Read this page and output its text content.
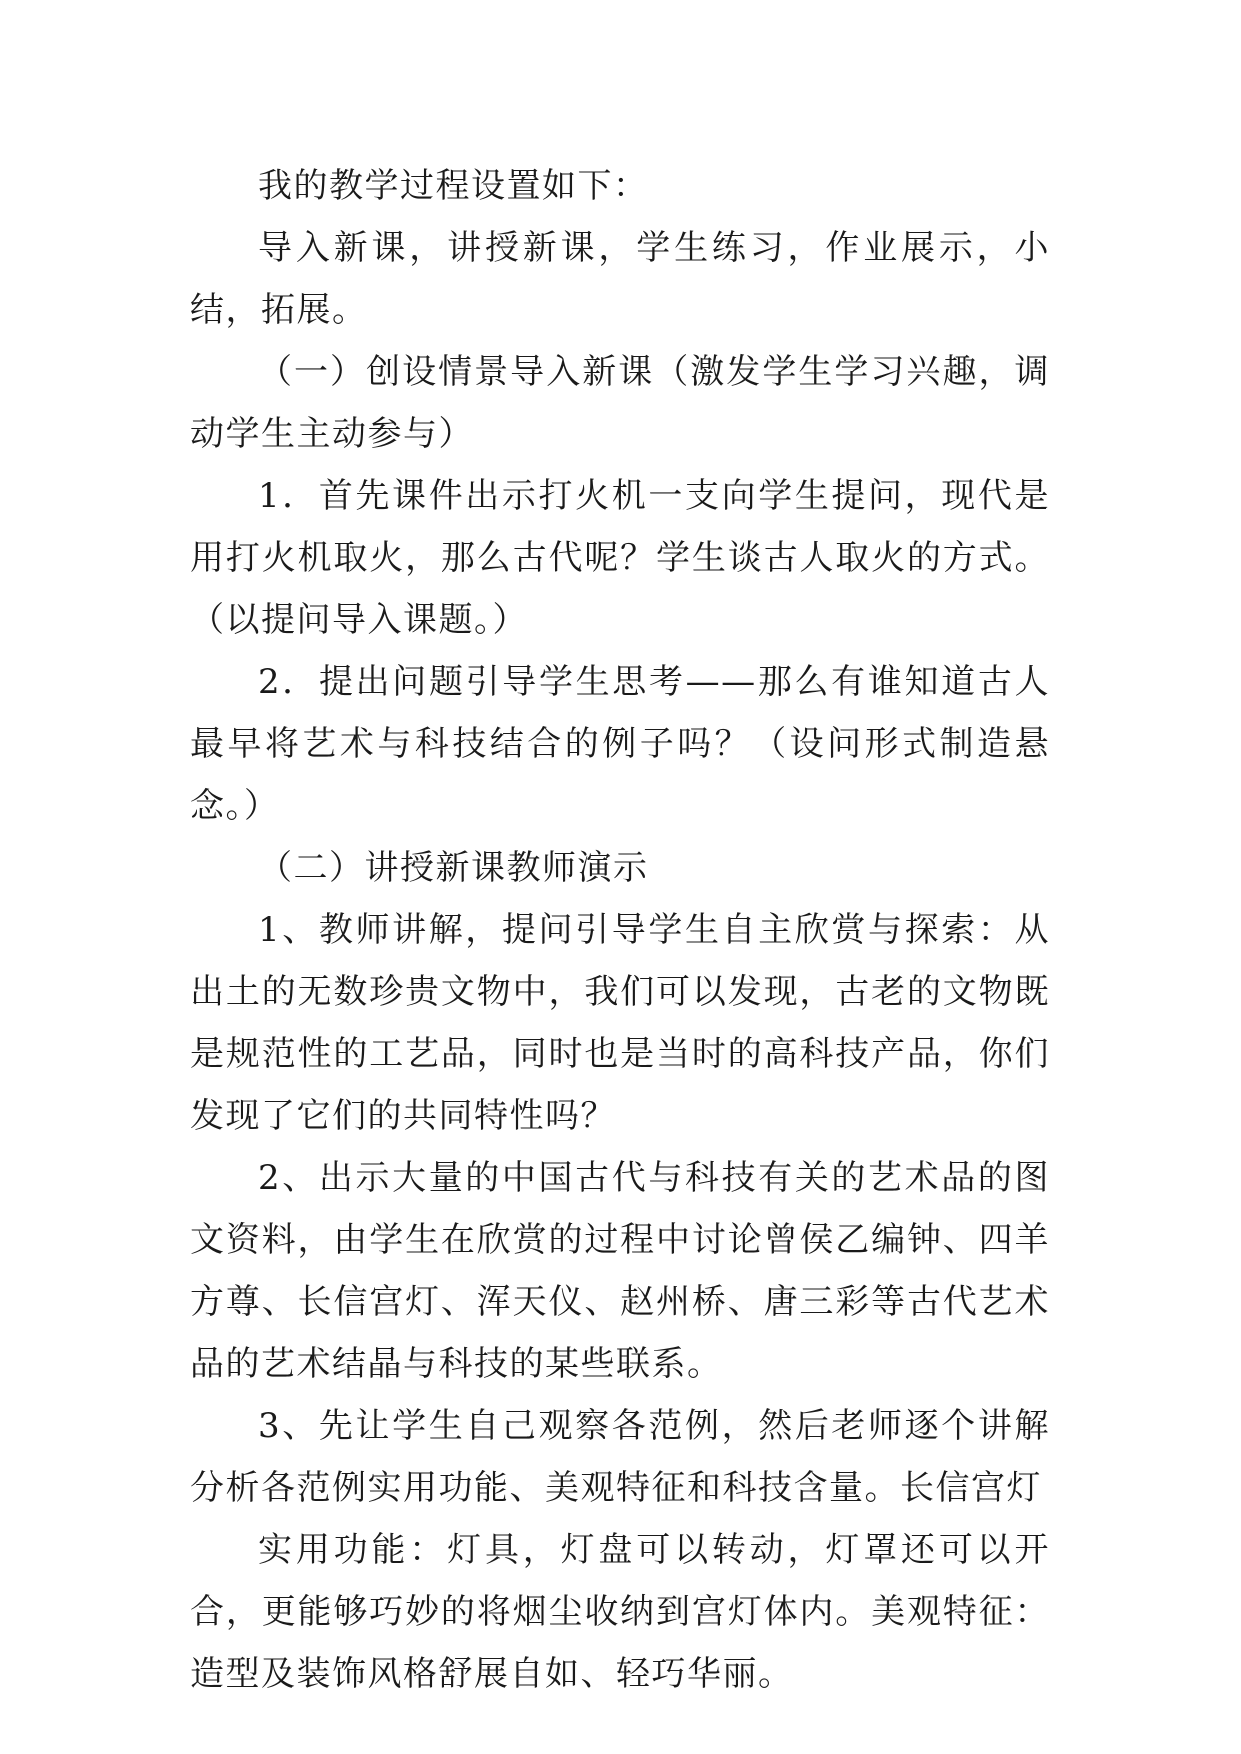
我的教学过程设置如下：

导入新课，讲授新课，学生练习，作业展示，小结，拓展。

（一）创设情景导入新课（激发学生学习兴趣，调动学生主动参与）

1．首先课件出示打火机一支向学生提问，现代是用打火机取火，那么古代呢？学生谈古人取火的方式。（以提问导入课题。）

2．提出问题引导学生思考——那么有谁知道古人最早将艺术与科技结合的例子吗？（设问形式制造悬念。）

（二）讲授新课教师演示

1、教师讲解，提问引导学生自主欣赏与探索：从出土的无数珍贵文物中，我们可以发现，古老的文物既是规范性的工艺品，同时也是当时的高科技产品，你们发现了它们的共同特性吗？

2、出示大量的中国古代与科技有关的艺术品的图文资料，由学生在欣赏的过程中讨论曾侯乙编钟、四羊方尊、长信宫灯、浑天仪、赵州桥、唐三彩等古代艺术品的艺术结晶与科技的某些联系。

3、先让学生自己观察各范例，然后老师逐个讲解分析各范例实用功能、美观特征和科技含量。长信宫灯

实用功能：灯具，灯盘可以转动，灯罩还可以开合，更能够巧妙的将烟尘收纳到宫灯体内。美观特征：造型及装饰风格舒展自如、轻巧华丽。
